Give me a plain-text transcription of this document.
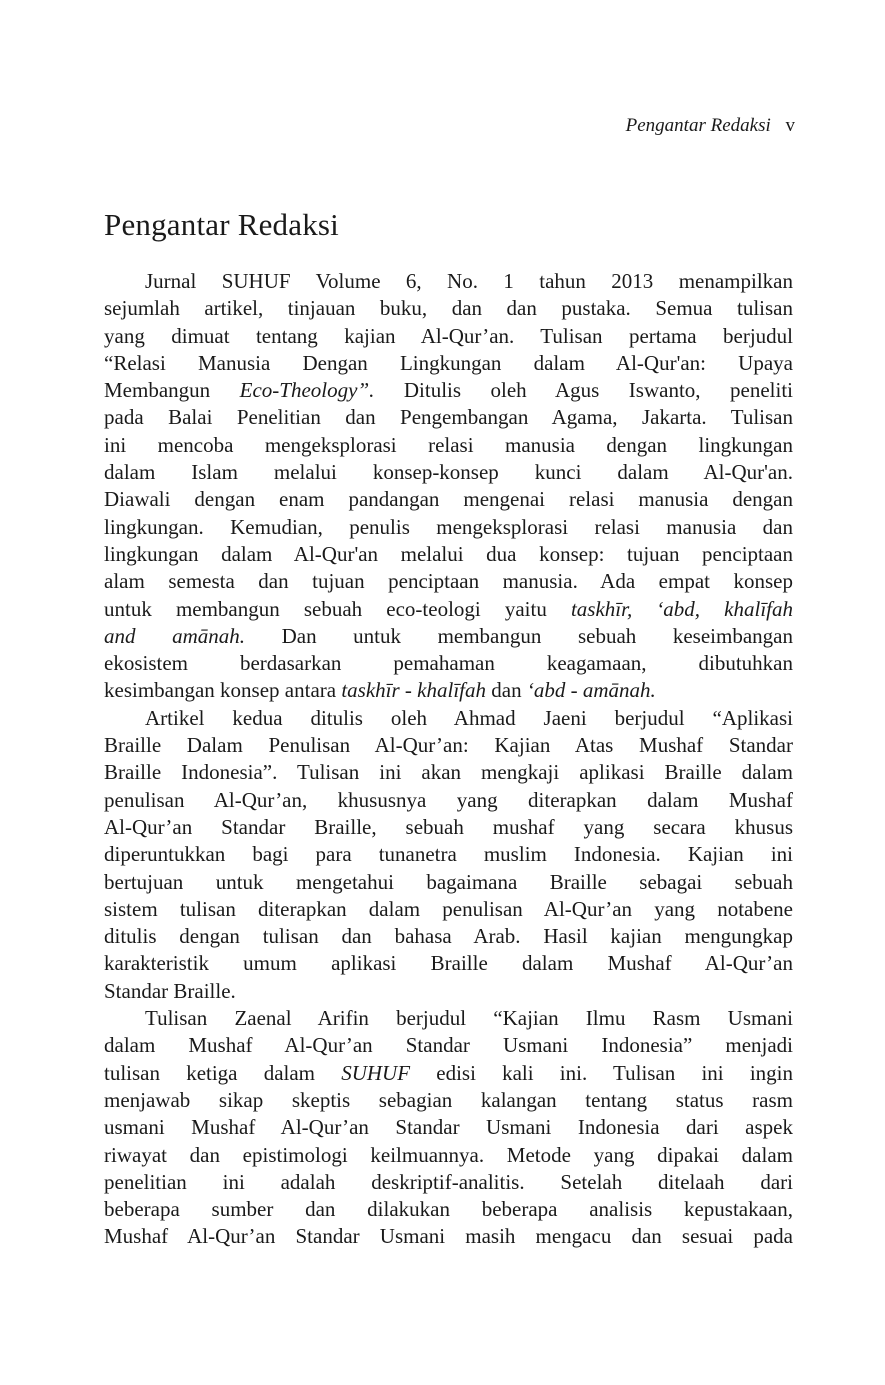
Pengantar Redaksi v
Pengantar Redaksi
Jurnal SUHUF Volume 6, No. 1 tahun 2013 menampilkan
sejumlah artikel, tinjauan buku, dan dan pustaka. Semua tulisan
yang dimuat tentang kajian Al-Qur’an. Tulisan pertama berjudul
“Relasi Manusia Dengan Lingkungan dalam Al-Qur'an: Upaya
Membangun Eco-Theology”. Ditulis oleh Agus Iswanto, peneliti
pada Balai Penelitian dan Pengembangan Agama, Jakarta. Tulisan
ini mencoba mengeksplorasi relasi manusia dengan lingkungan
dalam Islam melalui konsep-konsep kunci dalam Al-Qur'an.
Diawali dengan enam pandangan mengenai relasi manusia dengan
lingkungan. Kemudian, penulis mengeksplorasi relasi manusia dan
lingkungan dalam Al-Qur'an melalui dua konsep: tujuan penciptaan
alam semesta dan tujuan penciptaan manusia. Ada empat konsep
untuk membangun sebuah eco-teologi yaitu taskhīr, ‘abd, khalīfah
and amānah. Dan untuk membangun sebuah keseimbangan
ekosistem berdasarkan pemahaman keagamaan, dibutuhkan
kesimbangan konsep antara taskhīr - khalīfah dan ‘abd - amānah.
Artikel kedua ditulis oleh Ahmad Jaeni berjudul “Aplikasi
Braille Dalam Penulisan Al-Qur’an: Kajian Atas Mushaf Standar
Braille Indonesia”. Tulisan ini akan mengkaji aplikasi Braille dalam
penulisan Al-Qur’an, khususnya yang diterapkan dalam Mushaf
Al-Qur’an Standar Braille, sebuah mushaf yang secara khusus
diperuntukkan bagi para tunanetra muslim Indonesia. Kajian ini
bertujuan untuk mengetahui bagaimana Braille sebagai sebuah
sistem tulisan diterapkan dalam penulisan Al-Qur’an yang notabene
ditulis dengan tulisan dan bahasa Arab. Hasil kajian mengungkap
karakteristik umum aplikasi Braille dalam Mushaf Al-Qur’an
Standar Braille.
Tulisan Zaenal Arifin berjudul “Kajian Ilmu Rasm Usmani
dalam Mushaf Al-Qur’an Standar Usmani Indonesia” menjadi
tulisan ketiga dalam SUHUF edisi kali ini. Tulisan ini ingin
menjawab sikap skeptis sebagian kalangan tentang status rasm
usmani Mushaf Al-Qur’an Standar Usmani Indonesia dari aspek
riwayat dan epistimologi keilmuannya. Metode yang dipakai dalam
penelitian ini adalah deskriptif-analitis. Setelah ditelaah dari
beberapa sumber dan dilakukan beberapa analisis kepustakaan,
Mushaf Al-Qur’an Standar Usmani masih mengacu dan sesuai pada
